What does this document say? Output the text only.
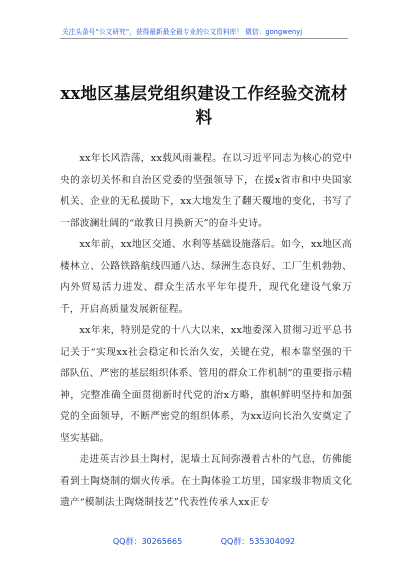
关注头条号“公文研究”，获得最新最全最专业的公文资料库！ 微信：gongwenyj
xx地区基层党组织建设工作经验交流材料

xx年长风浩荡，xx载风雨兼程。在以习近平同志为核心的党中央的亲切关怀和自治区党委的坚强领导下，在援x省市和中央国家机关、企业的无私援助下，xx大地发生了翻天覆地的变化，书写了一部波澜壮阔的“敢教日月换新天”的奋斗史诗。

xx年前，xx地区交通、水利等基础设施落后。如今，xx地区高楼林立、公路铁路航线四通八达、绿洲生态良好、工厂生机勃勃、内外贸易活力进发、群众生活水平年年提升，现代化建设气象万千，开启高质量发展新征程。

xx年来，特别是党的十八大以来，xx地委深入贯彻习近平总书记关于“实现xx社会稳定和长治久安，关键在党，根本靠坚强的干部队伍、严密的基层组织体系、管用的群众工作机制”的重要指示精神，完整准确全面贯彻新时代党的治x方略，旗帜鲜明坚持和加强党的全面领导，不断严密党的组织体系，为xx迈向长治久安奠定了坚实基础。

走进英吉沙县土陶村，泥墙土瓦间弥漫着古朴的气息，仿佛能看到土陶烧制的烟火传承。在土陶体验工坊里，国家级非物质文化遗产“模制法土陶烧制技艺”代表性传承人xx正专

QQ群：30265665	QQ群：535304092
